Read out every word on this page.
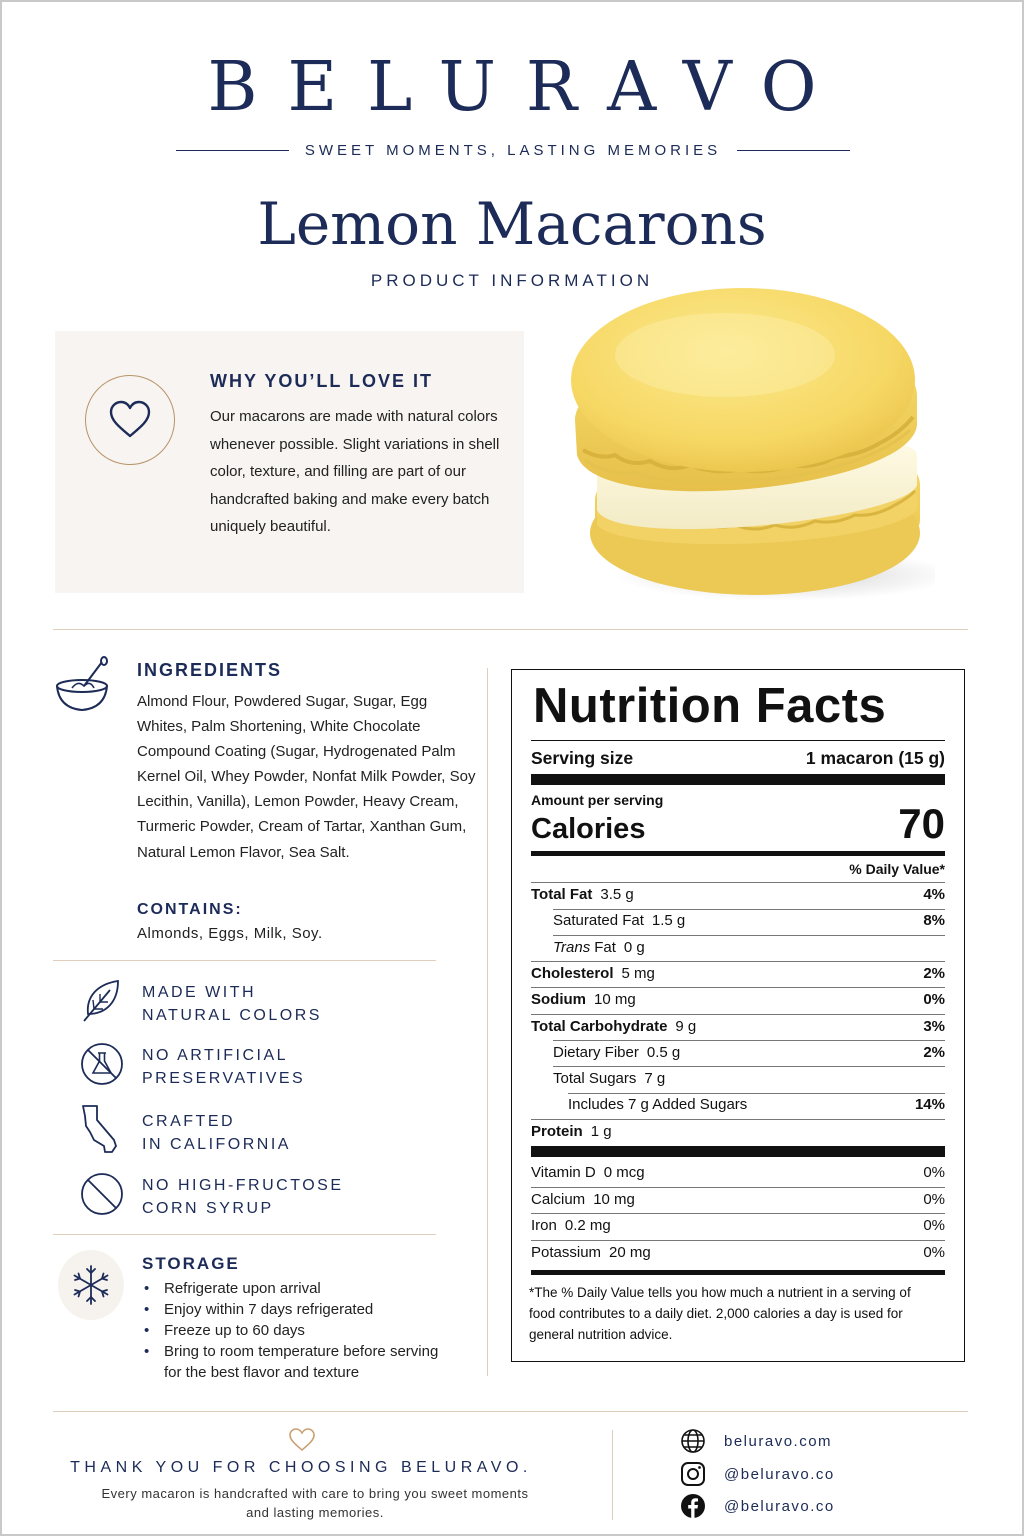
BELURAVO
SWEET MOMENTS, LASTING MEMORIES
Lemon Macarons
PRODUCT INFORMATION
WHY YOU’LL LOVE IT
Our macarons are made with natural colors whenever possible. Slight variations in shell color, texture, and filling are part of our handcrafted baking and make every batch uniquely beautiful.
INGREDIENTS
Almond Flour, Powdered Sugar, Sugar, Egg Whites, Palm Shortening, White Chocolate Compound Coating (Sugar, Hydrogenated Palm Kernel Oil, Whey Powder, Nonfat Milk Powder, Soy Lecithin, Vanilla), Lemon Powder, Heavy Cream, Turmeric Powder, Cream of Tartar, Xanthan Gum, Natural Lemon Flavor, Sea Salt.
CONTAINS:
Almonds, Eggs, Milk, Soy.
MADE WITH
NATURAL COLORS
NO ARTIFICIAL
PRESERVATIVES
CRAFTED
IN CALIFORNIA
NO HIGH-FRUCTOSE
CORN SYRUP
STORAGE
• Refrigerate upon arrival
• Enjoy within 7 days refrigerated
• Freeze up to 60 days
• Bring to room temperature before serving for the best flavor and texture
Nutrition Facts
Serving size	1 macaron (15 g)
Amount per serving
Calories	70
% Daily Value*
Total Fat 3.5 g	4%
Saturated Fat 1.5 g	8%
Trans Fat 0 g
Cholesterol 5 mg	2%
Sodium 10 mg	0%
Total Carbohydrate 9 g	3%
Dietary Fiber 0.5 g	2%
Total Sugars 7 g
Includes 7 g Added Sugars	14%
Protein 1 g
Vitamin D 0 mcg	0%
Calcium 10 mg	0%
Iron 0.2 mg	0%
Potassium 20 mg	0%
*The % Daily Value tells you how much a nutrient in a serving of food contributes to a daily diet. 2,000 calories a day is used for general nutrition advice.
THANK YOU FOR CHOOSING BELURAVO.
Every macaron is handcrafted with care to bring you sweet moments and lasting memories.
beluravo.com
@beluravo.co
@beluravo.co
